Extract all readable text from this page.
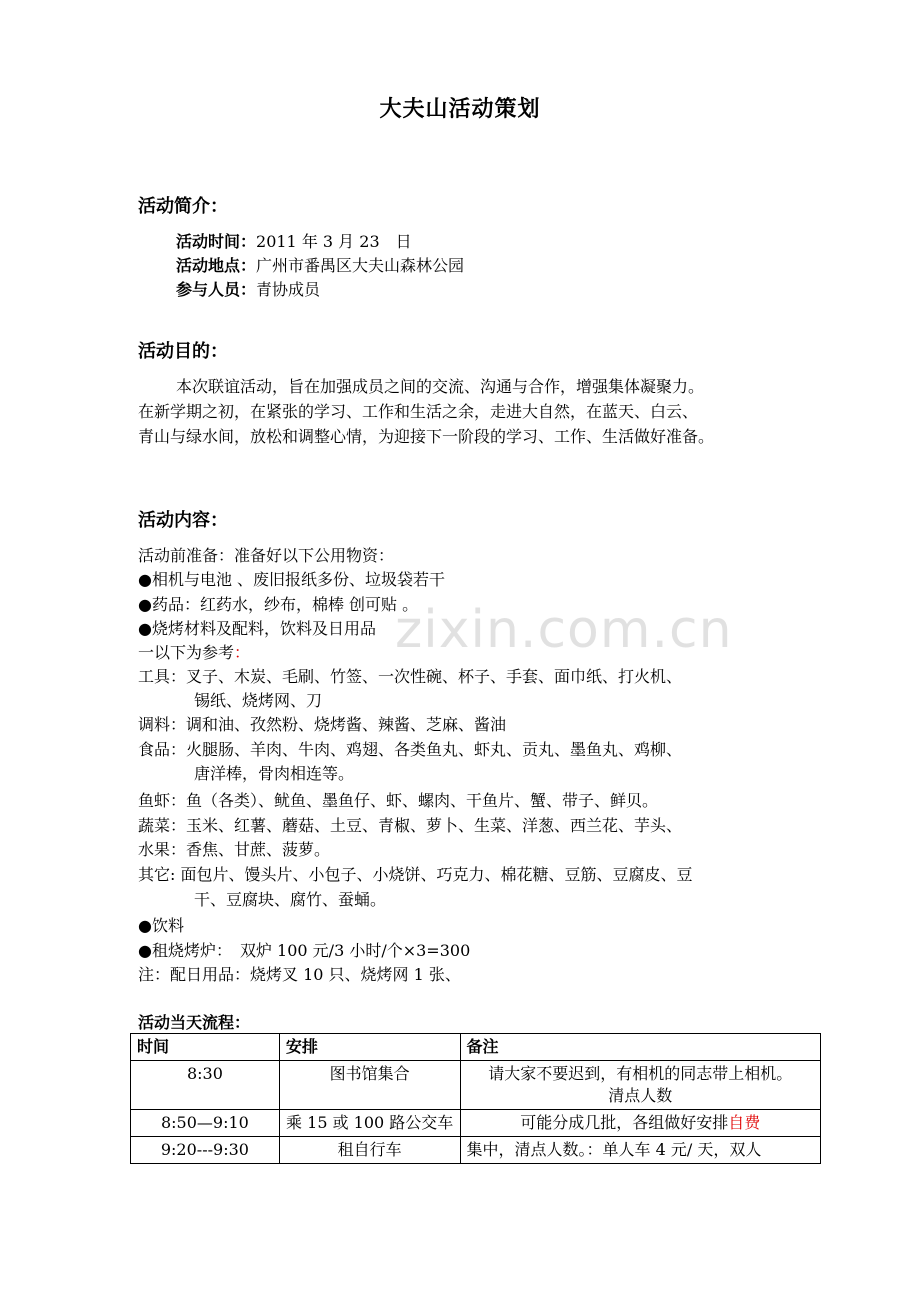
zixin.com.cn
大夫山活动策划
活动简介：
活动时间：2011 年 3 月 23　日
活动地点：广州市番禺区大夫山森林公园
参与人员：青协成员
活动目的：
本次联谊活动，旨在加强成员之间的交流、沟通与合作，增强集体凝聚力。
在新学期之初，在紧张的学习、工作和生活之余，走进大自然，在蓝天、白云、
青山与绿水间，放松和调整心情，为迎接下一阶段的学习、工作、生活做好准备。
活动内容：
活动前准备：准备好以下公用物资：
●相机与电池 、废旧报纸多份、垃圾袋若干
●药品：红药水，纱布，棉棒 创可贴 。
●烧烤材料及配料，饮料及日用品
一以下为参考：
工具：叉子、木炭、毛刷、竹签、一次性碗、杯子、手套、面巾纸、打火机、
锡纸、烧烤网、刀
调料：调和油、孜然粉、烧烤酱、辣酱、芝麻、酱油
食品：火腿肠、羊肉、牛肉、鸡翅、各类鱼丸、虾丸、贡丸、墨鱼丸、鸡柳、
唐洋棒，骨肉相连等。
鱼虾：鱼（各类）、鱿鱼、墨鱼仔、虾、螺肉、干鱼片、蟹、带子、鲜贝。
蔬菜：玉米、红薯、蘑菇、土豆、青椒、萝卜、生菜、洋葱、西兰花、芋头、
水果：香焦、甘蔗、菠萝。
其它: 面包片、馒头片、小包子、小烧饼、巧克力、棉花糖、豆筋、豆腐皮、豆
干、豆腐块、腐竹、蚕蛹。
●饮料
●租烧烤炉：　双炉 100 元/3 小时/个×3=300
注：配日用品：烧烤叉 10 只、烧烤网 1 张、
活动当天流程：
时间	安排	备注
8:30	图书馆集合	请大家不要迟到，有相机的同志带上相机。
清点人数

8:50—9:10	乘 15 或 100 路公交车	可能分成几批，各组做好安排自费
9:20---9:30	租自行车	集中，清点人数。：单人车 4 元/ 天，双人
